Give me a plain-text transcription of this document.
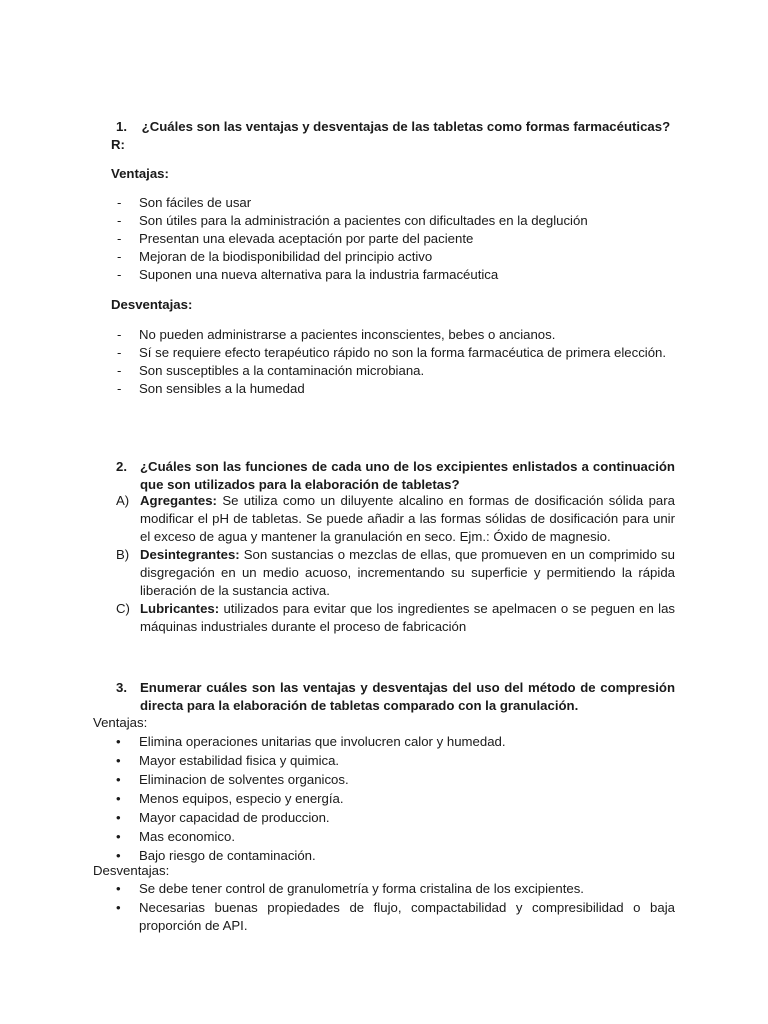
1. ¿Cuáles son las ventajas y desventajas de las tabletas como formas farmacéuticas?
R:
Ventajas:
- Son fáciles de usar
- Son útiles para la administración a pacientes con dificultades en la deglución
- Presentan una elevada aceptación por parte del paciente
- Mejoran de la biodisponibilidad del principio activo
- Suponen una nueva alternativa para la industria farmacéutica
Desventajas:
- No pueden administrarse a pacientes inconscientes, bebes o ancianos.
- Sí se requiere efecto terapéutico rápido no son la forma farmacéutica de primera elección.
- Son susceptibles a la contaminación microbiana.
- Son sensibles a la humedad
2. ¿Cuáles son las funciones de cada uno de los excipientes enlistados a continuación que son utilizados para la elaboración de tabletas?
A) Agregantes: Se utiliza como un diluyente alcalino en formas de dosificación sólida para modificar el pH de tabletas. Se puede añadir a las formas sólidas de dosificación para unir el exceso de agua y mantener la granulación en seco. Ejm.: Óxido de magnesio.
B) Desintegrantes: Son sustancias o mezclas de ellas, que promueven en un comprimido su disgregación en un medio acuoso, incrementando su superficie y permitiendo la rápida liberación de la sustancia activa.
C) Lubricantes: utilizados para evitar que los ingredientes se apelmacen o se peguen en las máquinas industriales durante el proceso de fabricación
3. Enumerar cuáles son las ventajas y desventajas del uso del método de compresión directa para la elaboración de tabletas comparado con la granulación.
Ventajas:
• Elimina operaciones unitarias que involucren calor y humedad.
• Mayor estabilidad fisica y quimica.
• Eliminacion de solventes organicos.
• Menos equipos, especio y energía.
• Mayor capacidad de produccion.
• Mas economico.
• Bajo riesgo de contaminación.
Desventajas:
• Se debe tener control de granulometría y forma cristalina de los excipientes.
• Necesarias buenas propiedades de flujo, compactabilidad y compresibilidad o baja proporción de API.
